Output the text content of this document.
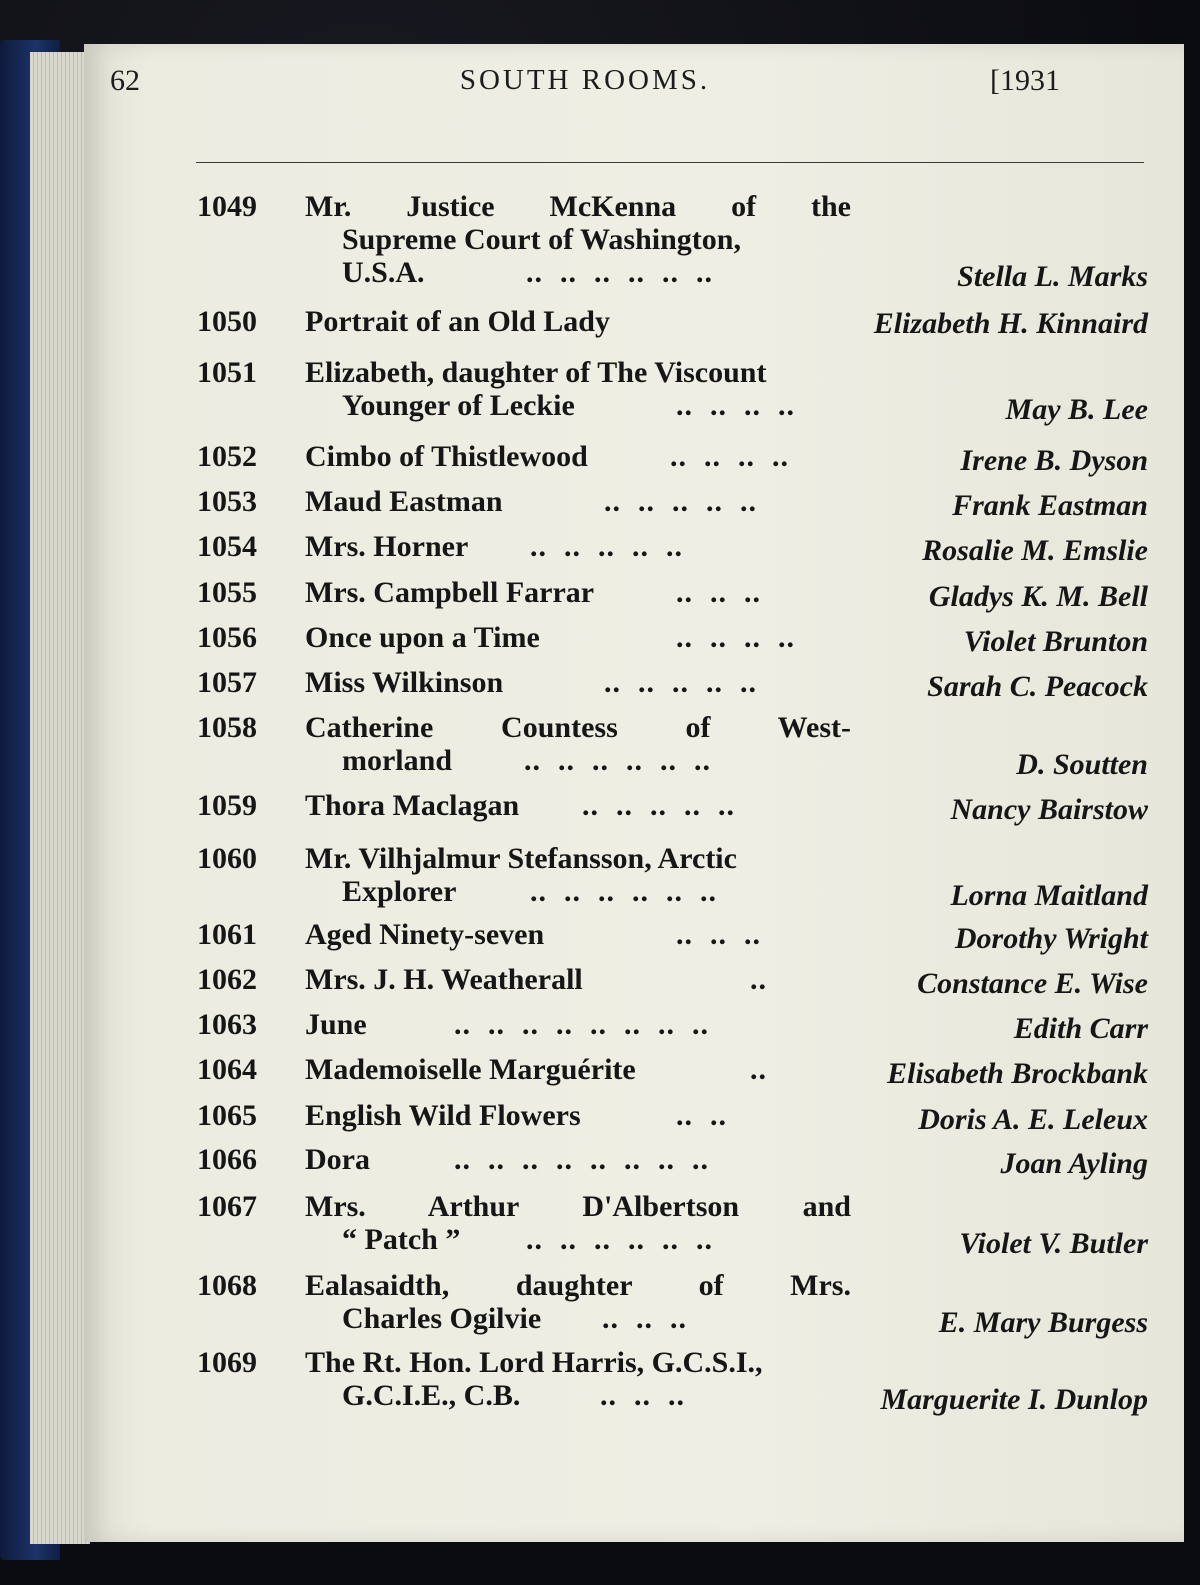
62	SOUTH ROOMS.	[1931
1049 Mr. Justice McKenna of the
Supreme Court of Washington,
U.S.A.	..  ..  ..  ..  ..  ..	Stella L. Marks
1050 Portrait of an Old Lady	Elizabeth H. Kinnaird
1051 Elizabeth, daughter of The Viscount
Younger of Leckie	..  ..  ..  ..	May B. Lee
1052 Cimbo of Thistlewood	..  ..  ..  ..	Irene B. Dyson
1053 Maud Eastman	..  ..  ..  ..  ..	Frank Eastman
1054 Mrs. Horner ..  ..  ..  ..  ..	Rosalie M. Emslie
1055 Mrs. Campbell Farrar	..  ..  ..	Gladys K. M. Bell
1056 Once upon a Time	..  ..  ..  ..	Violet Brunton
1057 Miss Wilkinson	..  ..  ..  ..  ..	Sarah C. Peacock
1058 Catherine Countess of West-
morland ..  ..  ..  ..  ..  ..	D. Soutten
1059 Thora Maclagan ..  ..  ..  ..  ..	Nancy Bairstow
1060 Mr. Vilhjalmur Stefansson, Arctic
Explorer ..  ..  ..  ..  ..  ..	Lorna Maitland
1061 Aged Ninety-seven	..  ..  ..	Dorothy Wright
1062 Mrs. J. H. Weatherall	..	Constance E. Wise
1063 June	..  ..  ..  ..  ..  ..  ..  ..	Edith Carr
1064 Mademoiselle Marguérite	..	Elisabeth Brockbank
1065 English Wild Flowers	..  ..	Doris A. E. Leleux
1066 Dora	..  ..  ..  ..  ..  ..  ..  ..	Joan Ayling
1067 Mrs. Arthur D'Albertson and
“ Patch ” ..  ..  ..  ..  ..  ..	Violet V. Butler
1068 Ealasaidth, daughter of Mrs.
Charles Ogilvie ..  ..  ..	E. Mary Burgess
1069 The Rt. Hon. Lord Harris, G.C.S.I.,
G.C.I.E., C.B.	..  ..  ..	Marguerite I. Dunlop
